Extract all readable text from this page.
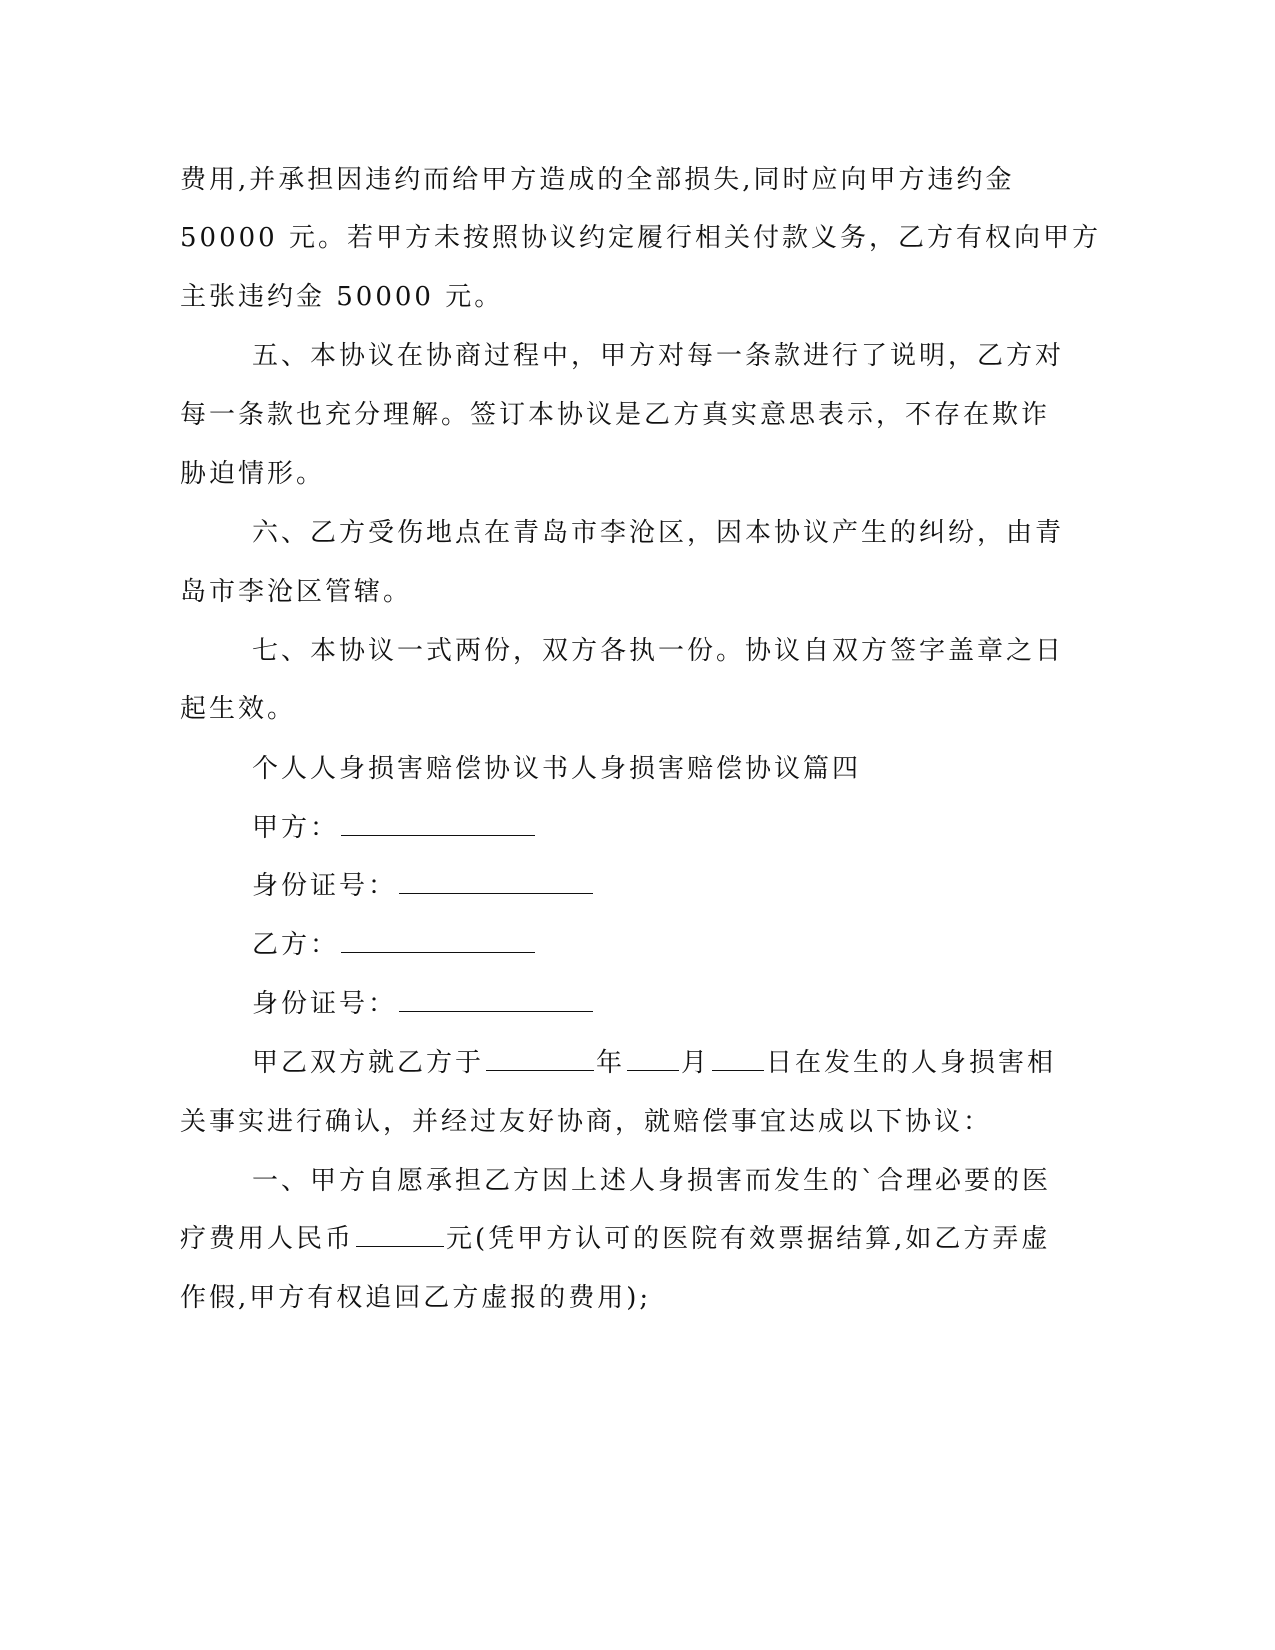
费用,并承担因违约而给甲方造成的全部损失,同时应向甲方违约金
50000 元。若甲方未按照协议约定履行相关付款义务，乙方有权向甲方
主张违约金 50000 元。
五、本协议在协商过程中，甲方对每一条款进行了说明，乙方对
每一条款也充分理解。签订本协议是乙方真实意思表示，不存在欺诈
胁迫情形。
六、乙方受伤地点在青岛市李沧区，因本协议产生的纠纷，由青
岛市李沧区管辖。
七、本协议一式两份，双方各执一份。协议自双方签字盖章之日
起生效。
个人人身损害赔偿协议书人身损害赔偿协议篇四
甲方：
身份证号：
乙方：
身份证号：
甲乙双方就乙方于	年 月 日在发生的人身损害相
关事实进行确认，并经过友好协商，就赔偿事宜达成以下协议：
一、甲方自愿承担乙方因上述人身损害而发生的`合理必要的医
疗费用人民币	元(凭甲方认可的医院有效票据结算,如乙方弄虚
作假,甲方有权追回乙方虚报的费用);
